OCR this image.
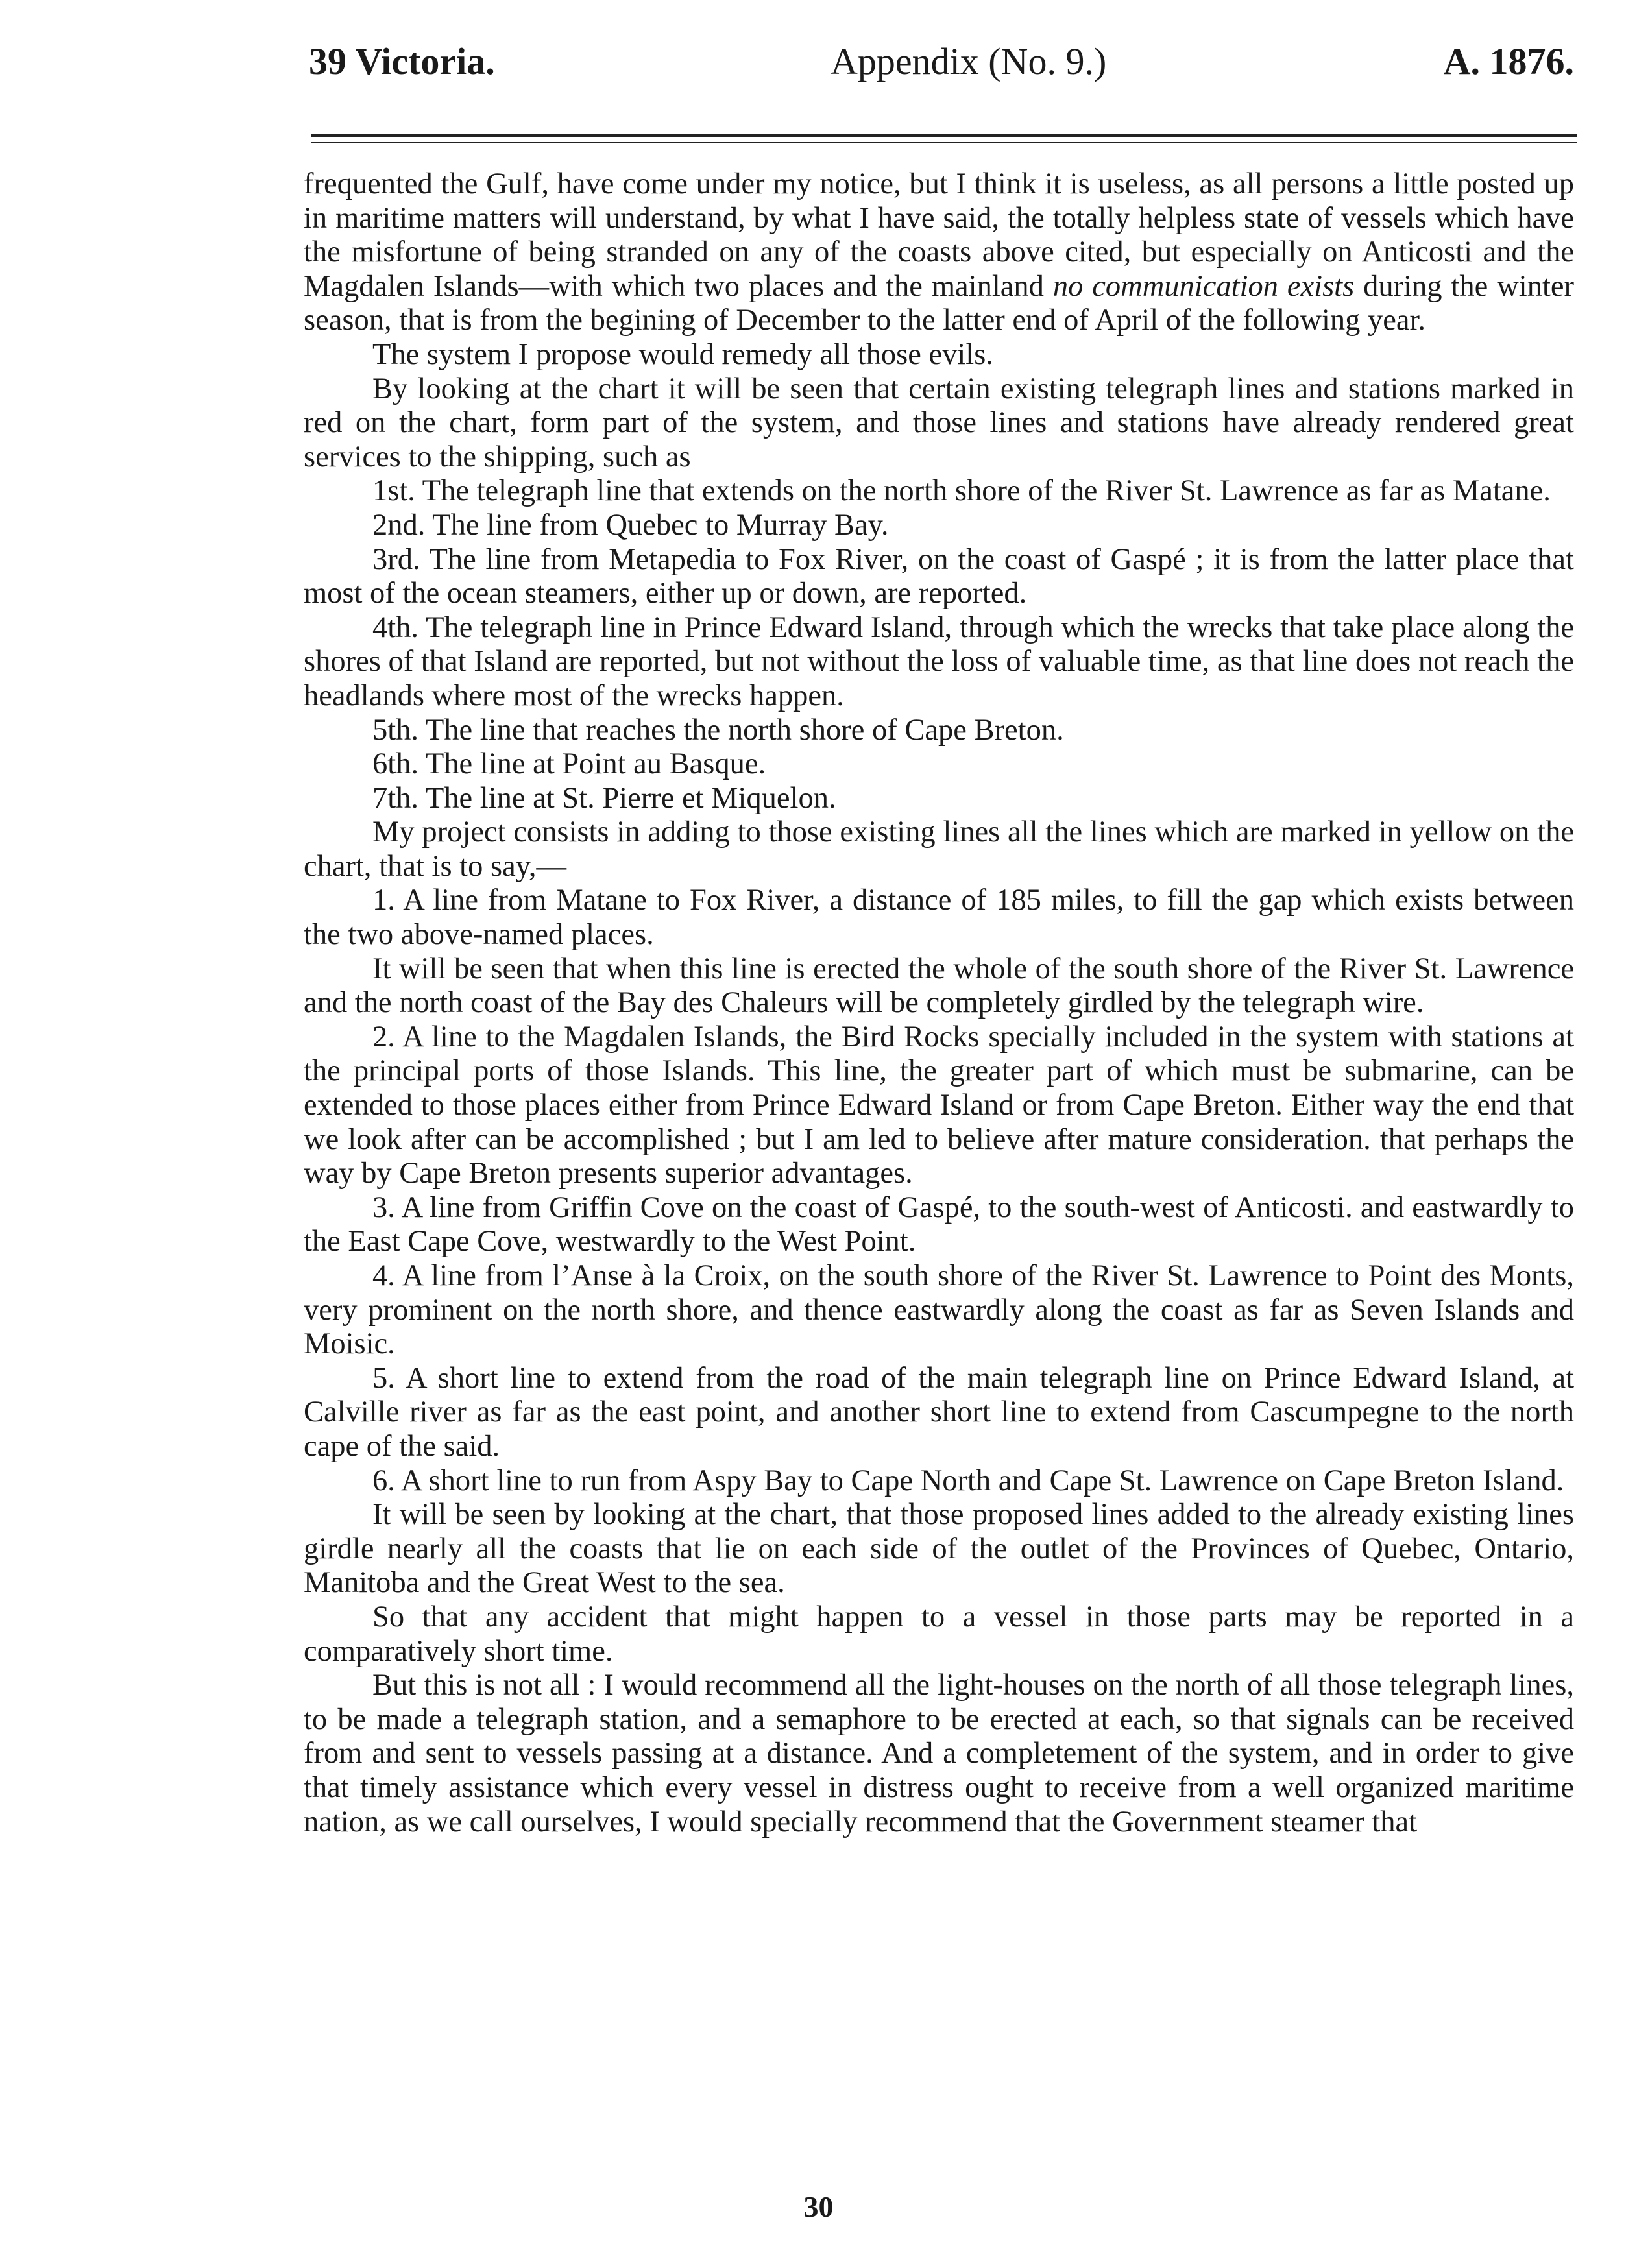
39 Victoria.	Appendix (No. 9.)	A. 1876.

frequented the Gulf, have come under my notice, but I think it is useless, as all persons a little posted up in maritime matters will understand, by what I have said, the totally helpless state of vessels which have the misfortune of being stranded on any of the coasts above cited, but especially on Anticosti and the Magdalen Islands—with which two places and the mainland no communication exists during the winter season, that is from the begining of December to the latter end of April of the following year.

The system I propose would remedy all those evils.

By looking at the chart it will be seen that certain existing telegraph lines and stations marked in red on the chart, form part of the system, and those lines and stations have already rendered great services to the shipping, such as

1st. The telegraph line that extends on the north shore of the River St. Lawrence as far as Matane.

2nd. The line from Quebec to Murray Bay.

3rd. The line from Metapedia to Fox River, on the coast of Gaspé ; it is from the latter place that most of the ocean steamers, either up or down, are reported.

4th. The telegraph line in Prince Edward Island, through which the wrecks that take place along the shores of that Island are reported, but not without the loss of valuable time, as that line does not reach the headlands where most of the wrecks happen.

5th. The line that reaches the north shore of Cape Breton.

6th. The line at Point au Basque.

7th. The line at St. Pierre et Miquelon.

My project consists in adding to those existing lines all the lines which are marked in yellow on the chart, that is to say,—

1. A line from Matane to Fox River, a distance of 185 miles, to fill the gap which exists between the two above-named places.

It will be seen that when this line is erected the whole of the south shore of the River St. Lawrence and the north coast of the Bay des Chaleurs will be completely girdled by the telegraph wire.

2. A line to the Magdalen Islands, the Bird Rocks specially included in the system with stations at the principal ports of those Islands. This line, the greater part of which must be submarine, can be extended to those places either from Prince Edward Island or from Cape Breton. Either way the end that we look after can be accomplished ; but I am led to believe after mature consideration. that perhaps the way by Cape Breton presents superior advantages.

3. A line from Griffin Cove on the coast of Gaspé, to the south-west of Anticosti. and eastwardly to the East Cape Cove, westwardly to the West Point.

4. A line from l’Anse à la Croix, on the south shore of the River St. Lawrence to Point des Monts, very prominent on the north shore, and thence eastwardly along the coast as far as Seven Islands and Moisic.

5. A short line to extend from the road of the main telegraph line on Prince Edward Island, at Calville river as far as the east point, and another short line to extend from Cascumpegne to the north cape of the said.

6. A short line to run from Aspy Bay to Cape North and Cape St. Lawrence on Cape Breton Island.

It will be seen by looking at the chart, that those proposed lines added to the already existing lines girdle nearly all the coasts that lie on each side of the outlet of the Provinces of Quebec, Ontario, Manitoba and the Great West to the sea.

So that any accident that might happen to a vessel in those parts may be reported in a comparatively short time.

But this is not all : I would recommend all the light-houses on the north of all those telegraph lines, to be made a telegraph station, and a semaphore to be erected at each, so that signals can be received from and sent to vessels passing at a distance. And a completement of the system, and in order to give that timely assistance which every vessel in distress ought to receive from a well organized maritime nation, as we call ourselves, I would specially recommend that the Government steamer that

30
